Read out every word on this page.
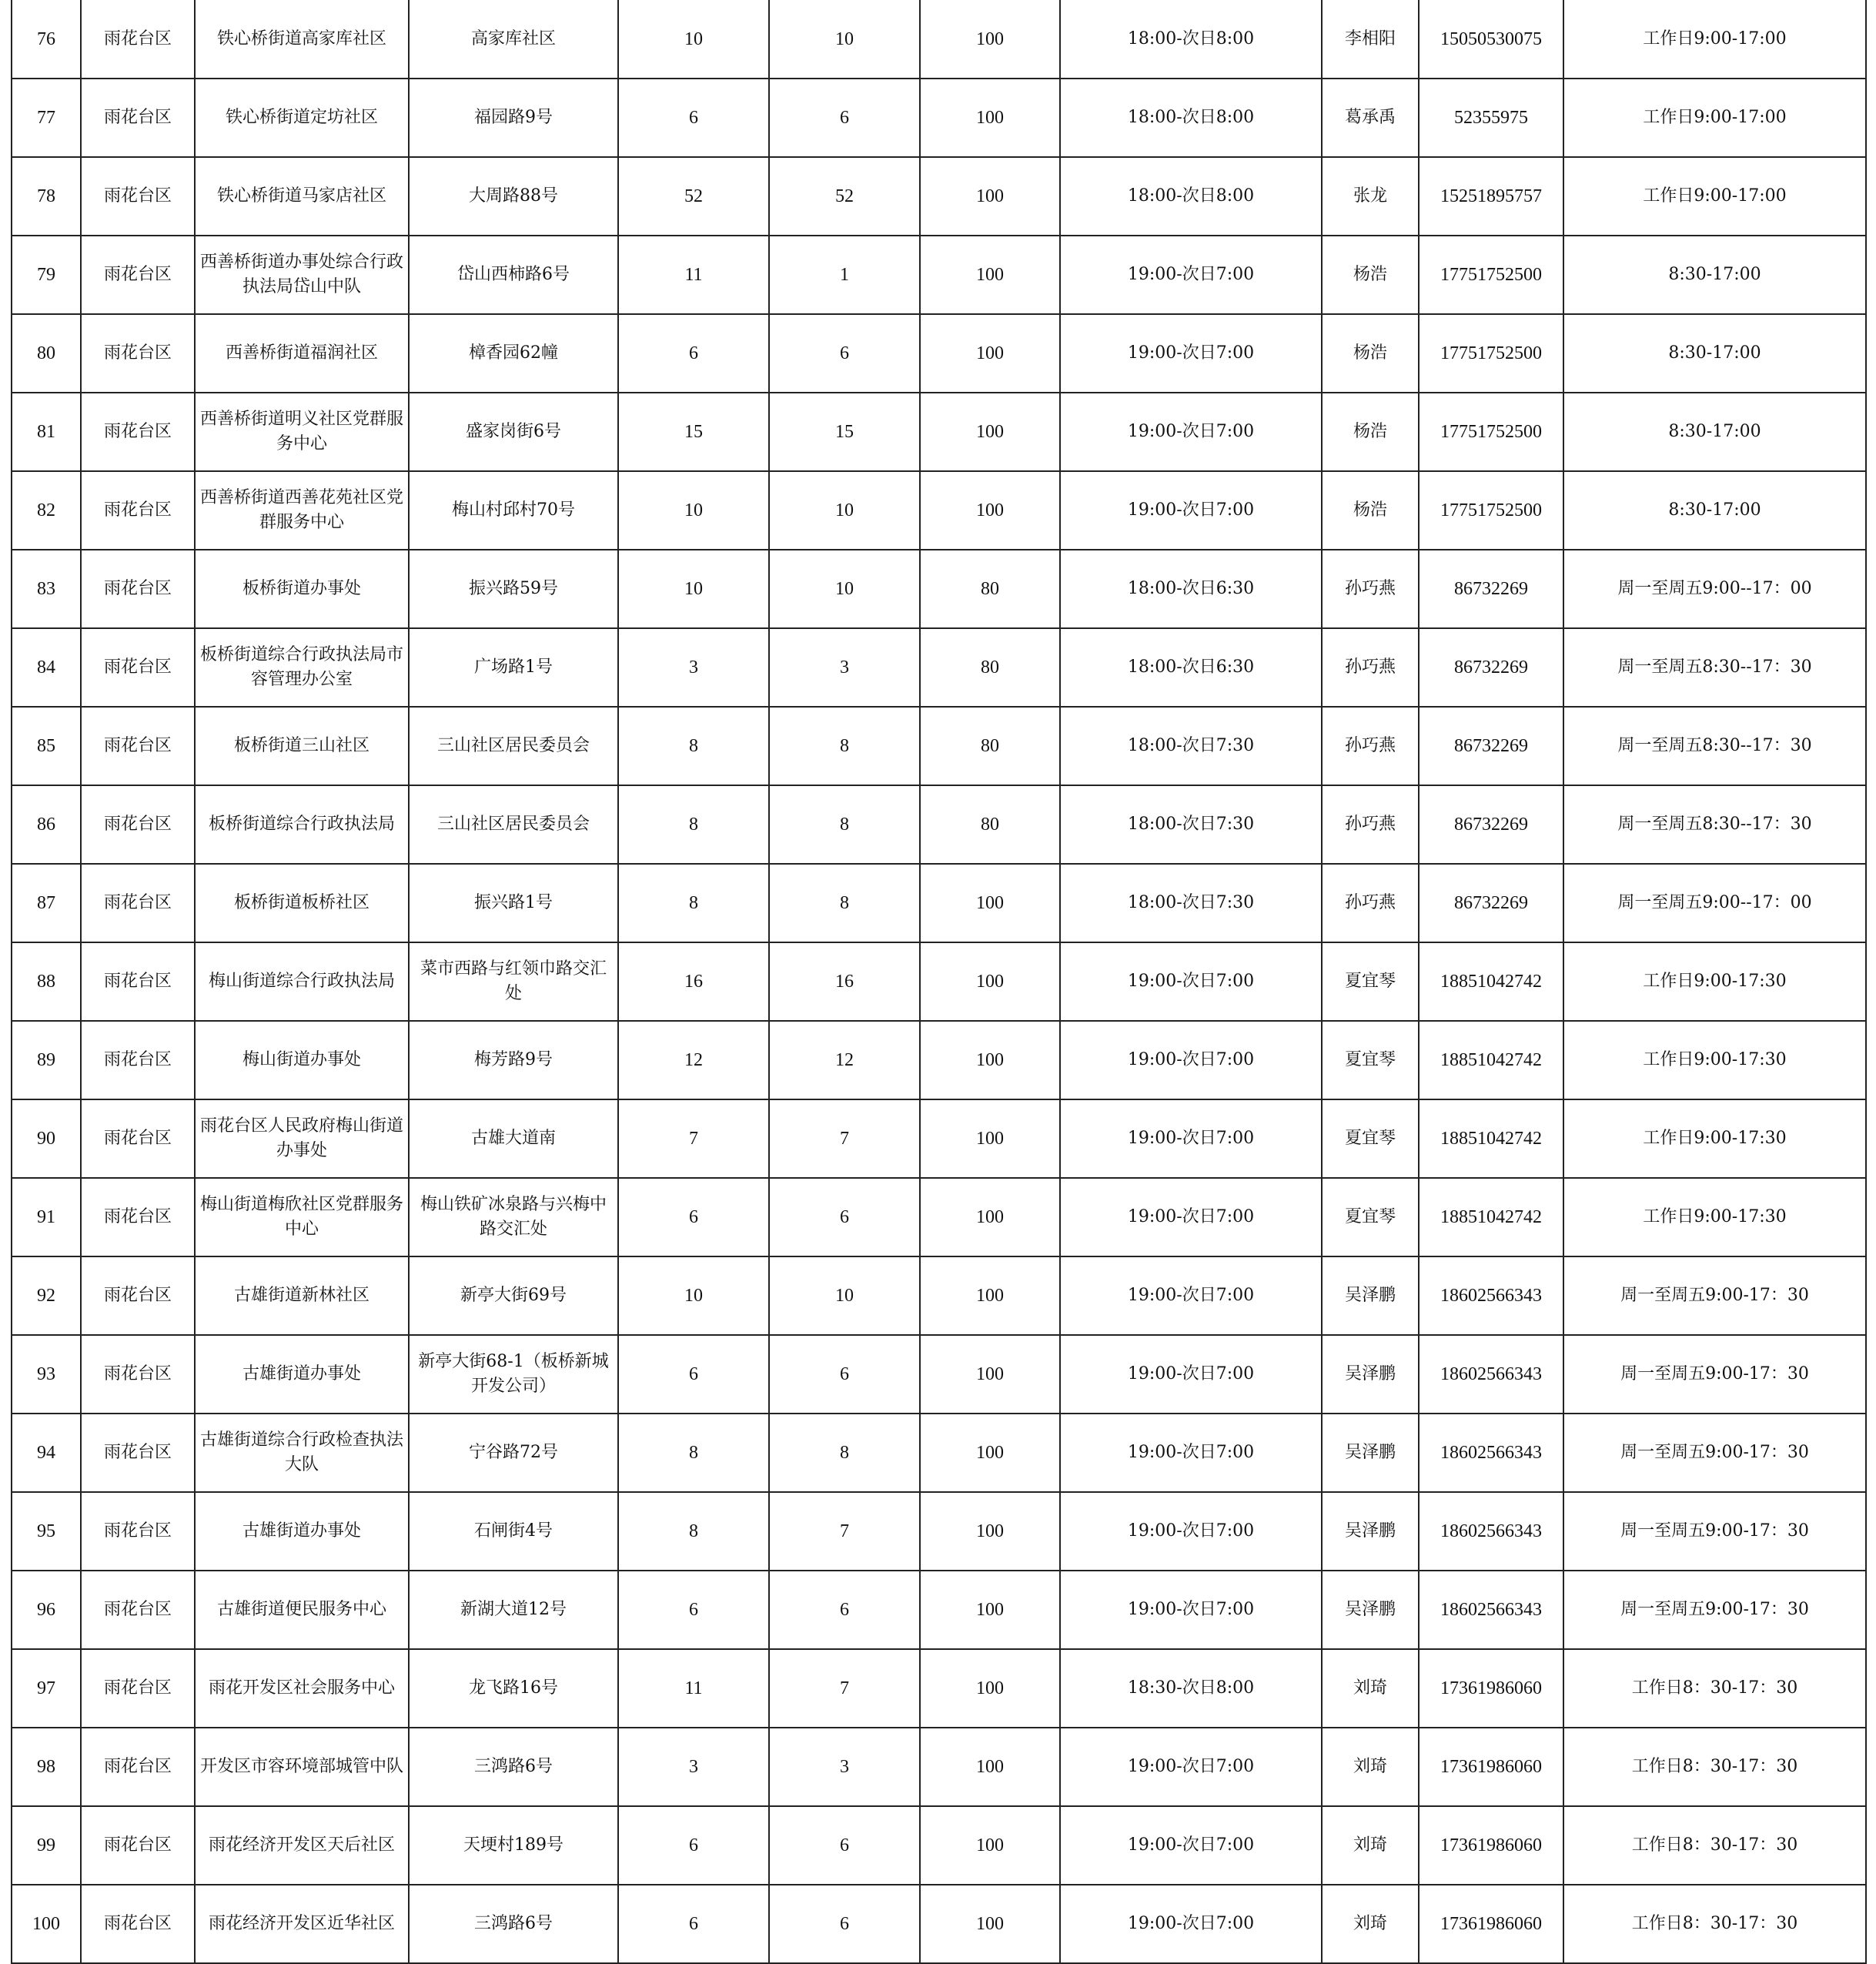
76	雨花台区	铁心桥街道高家库社区	高家库社区	10	10	100	18:00-次日8:00	李相阳	15050530075	工作日9:00-17:00
77	雨花台区	铁心桥街道定坊社区	福园路9号	6	6	100	18:00-次日8:00	葛承禹	52355975	工作日9:00-17:00
78	雨花台区	铁心桥街道马家店社区	大周路88号	52	52	100	18:00-次日8:00	张龙	15251895757	工作日9:00-17:00
79	雨花台区	西善桥街道办事处综合行政执法局岱山中队	岱山西柿路6号	11	1	100	19:00-次日7:00	杨浩	17751752500	8:30-17:00
80	雨花台区	西善桥街道福润社区	樟香园62幢	6	6	100	19:00-次日7:00	杨浩	17751752500	8:30-17:00
81	雨花台区	西善桥街道明义社区党群服务中心	盛家岗街6号	15	15	100	19:00-次日7:00	杨浩	17751752500	8:30-17:00
82	雨花台区	西善桥街道西善花苑社区党群服务中心	梅山村邱村70号	10	10	100	19:00-次日7:00	杨浩	17751752500	8:30-17:00
83	雨花台区	板桥街道办事处	振兴路59号	10	10	80	18:00-次日6:30	孙巧燕	86732269	周一至周五9:00--17：00
84	雨花台区	板桥街道综合行政执法局市容管理办公室	广场路1号	3	3	80	18:00-次日6:30	孙巧燕	86732269	周一至周五8:30--17：30
85	雨花台区	板桥街道三山社区	三山社区居民委员会	8	8	80	18:00-次日7:30	孙巧燕	86732269	周一至周五8:30--17：30
86	雨花台区	板桥街道综合行政执法局	三山社区居民委员会	8	8	80	18:00-次日7:30	孙巧燕	86732269	周一至周五8:30--17：30
87	雨花台区	板桥街道板桥社区	振兴路1号	8	8	100	18:00-次日7:30	孙巧燕	86732269	周一至周五9:00--17：00
88	雨花台区	梅山街道综合行政执法局	菜市西路与红领巾路交汇处	16	16	100	19:00-次日7:00	夏宜琴	18851042742	工作日9:00-17:30
89	雨花台区	梅山街道办事处	梅芳路9号	12	12	100	19:00-次日7:00	夏宜琴	18851042742	工作日9:00-17:30
90	雨花台区	雨花台区人民政府梅山街道办事处	古雄大道南	7	7	100	19:00-次日7:00	夏宜琴	18851042742	工作日9:00-17:30
91	雨花台区	梅山街道梅欣社区党群服务中心	梅山铁矿冰泉路与兴梅中路交汇处	6	6	100	19:00-次日7:00	夏宜琴	18851042742	工作日9:00-17:30
92	雨花台区	古雄街道新林社区	新亭大街69号	10	10	100	19:00-次日7:00	吴泽鹏	18602566343	周一至周五9:00-17：30
93	雨花台区	古雄街道办事处	新亭大街68-1（板桥新城开发公司）	6	6	100	19:00-次日7:00	吴泽鹏	18602566343	周一至周五9:00-17：30
94	雨花台区	古雄街道综合行政检查执法大队	宁谷路72号	8	8	100	19:00-次日7:00	吴泽鹏	18602566343	周一至周五9:00-17：30
95	雨花台区	古雄街道办事处	石闸街4号	8	7	100	19:00-次日7:00	吴泽鹏	18602566343	周一至周五9:00-17：30
96	雨花台区	古雄街道便民服务中心	新湖大道12号	6	6	100	19:00-次日7:00	吴泽鹏	18602566343	周一至周五9:00-17：30
97	雨花台区	雨花开发区社会服务中心	龙飞路16号	11	7	100	18:30-次日8:00	刘琦	17361986060	工作日8：30-17：30
98	雨花台区	开发区市容环境部城管中队	三鸿路6号	3	3	100	19:00-次日7:00	刘琦	17361986060	工作日8：30-17：30
99	雨花台区	雨花经济开发区天后社区	天埂村189号	6	6	100	19:00-次日7:00	刘琦	17361986060	工作日8：30-17：30
100	雨花台区	雨花经济开发区近华社区	三鸿路6号	6	6	100	19:00-次日7:00	刘琦	17361986060	工作日8：30-17：30
